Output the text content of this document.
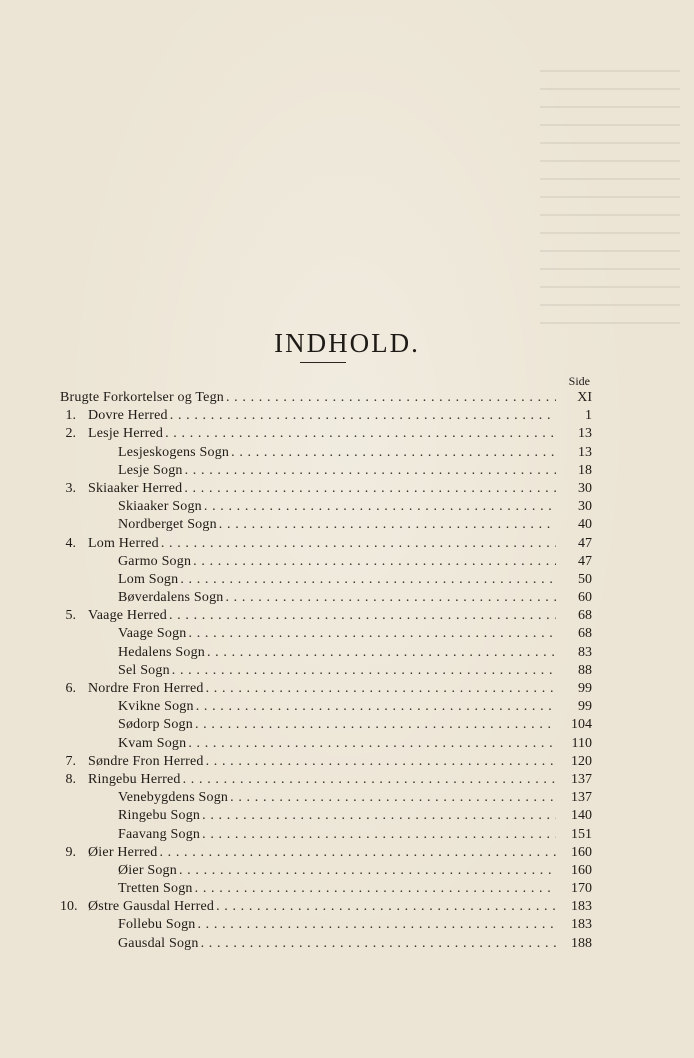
INDHOLD.
Side
Brugte Forkortelser og Tegn . . .	XI
1. Dovre Herred . . .	1
2. Lesje Herred . . .	13
Lesjeskogens Sogn . . .	13
Lesje Sogn . . .	18
3. Skiaaker Herred . . .	30
Skiaaker Sogn . . .	30
Nordberget Sogn . . .	40
4. Lom Herred . . .	47
Garmo Sogn . . .	47
Lom Sogn . . .	50
Bøverdalens Sogn . . .	60
5. Vaage Herred . . .	68
Vaage Sogn . . .	68
Hedalens Sogn . . .	83
Sel Sogn . . .	88
6. Nordre Fron Herred . . .	99
Kvikne Sogn . . .	99
Sødorp Sogn . . .	104
Kvam Sogn . . .	110
7. Søndre Fron Herred . . .	120
8. Ringebu Herred . . .	137
Venebygdens Sogn . . .	137
Ringebu Sogn . . .	140
Faavang Sogn . . .	151
9. Øier Herred . . .	160
Øier Sogn . . .	160
Tretten Sogn . . .	170
10. Østre Gausdal Herred . . .	183
Follebu Sogn . . .	183
Gausdal Sogn . . .	188
